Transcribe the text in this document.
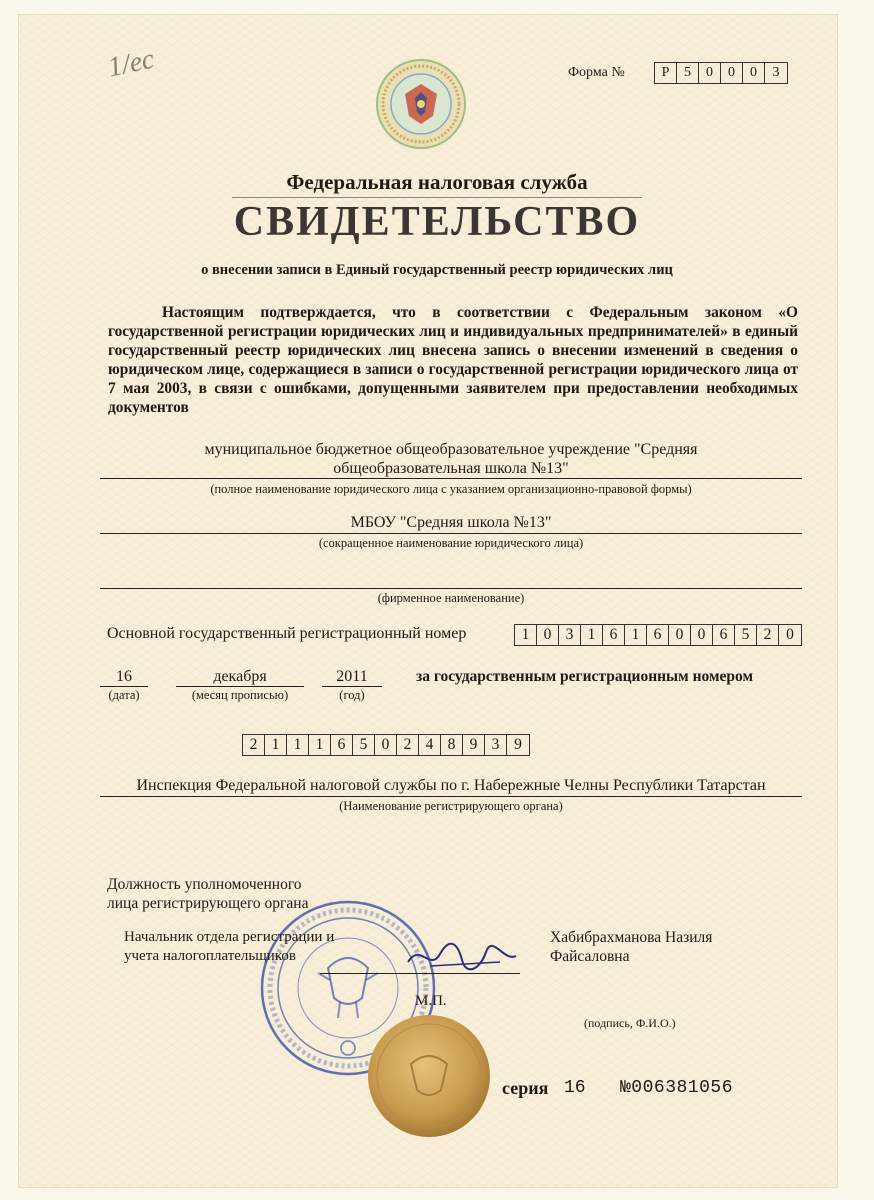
1/ес	Форма №	Р	5	0	0	0	3
Федеральная налоговая служба
СВИДЕТЕЛЬСТВО
о внесении записи в Единый государственный реестр юридических лиц
Настоящим подтверждается, что в соответствии с Федеральным законом «О государственной регистрации юридических лиц и индивидуальных предпринимателей» в единый государственный реестр юридических лиц внесена запись о внесении изменений в сведения о юридическом лице, содержащиеся в записи о государственной регистрации юридического лица от 7 мая 2003, в связи с ошибками, допущенными заявителем при предоставлении необходимых документов
муниципальное бюджетное общеобразовательное учреждение "Средняя
общеобразовательная школа №13"
(полное наименование юридического лица с указанием организационно-правовой формы)
МБОУ "Средняя школа №13"
(сокращенное наименование юридического лица)
(фирменное наименование)
Основной государственный регистрационный номер	1 0 3 1 6 1 6 0 0 6 5 2 0
16
(дата)
декабря
(месяц прописью)
2011
(год)
за государственным регистрационным номером
2 1 1 1 6 5 0 2 4 8 9 3 9
Инспекция Федеральной налоговой службы по г. Набережные Челны Республики Татарстан
(Наименование регистрирующего органа)
Должность уполномоченного
лица регистрирующего органа
Начальник отдела регистрации и
учета налогоплательщиков
Хабибрахманова Назиля
Файсаловна
М.П.
(подпись, Ф.И.О.)
серия 16 №006381056
